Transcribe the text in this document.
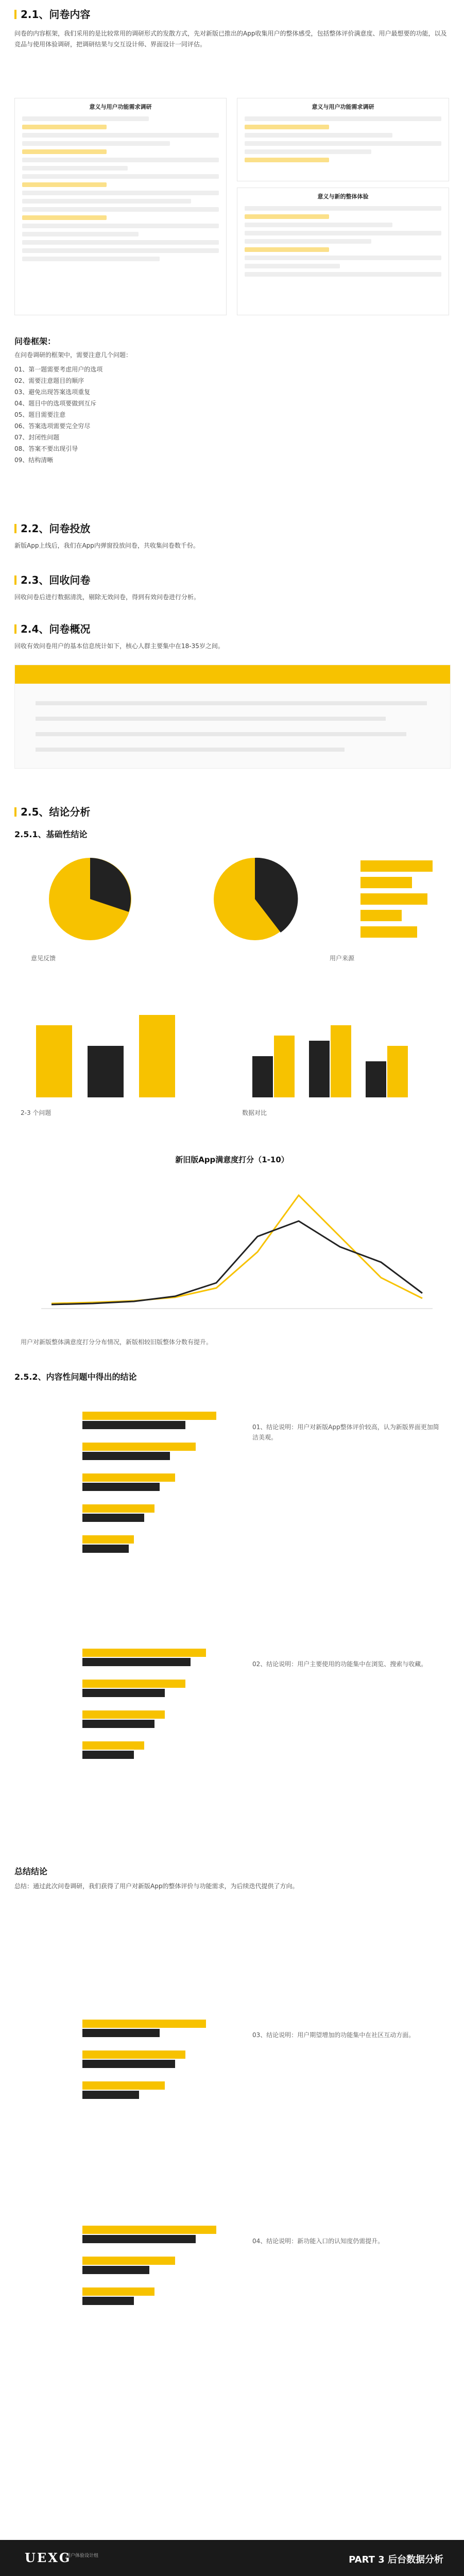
2.1、问卷内容

问卷的内容框架，我们采用的是比较常用的调研形式的发散方式，先对新版已推出的App收集用户的整体感受，包括整体评价满意度、用户最想要的功能，以及竞品与使用体验调研，把调研结果与交互设计师、界面设计一同评估。

意义与用户功能需求调研	意义与用户功能需求调研
意义与新的整体体验
问卷框架：

在问卷调研的框架中，需要注意几个问题：

01、第一题需要考虑用户的选项
02、需要注意题目的顺序
03、避免出现答案选项重复
04、题目中的选项要做到互斥
05、题目需要注意
06、答案选项需要完全穷尽
07、封闭性问题
08、答案不要出现引导
09、结构清晰
2.2、问卷投放

新版App上线后，我们在App内弹窗投放问卷，共收集问卷数千份。

2.3、回收问卷

回收问卷后进行数据清洗，剔除无效问卷，得到有效问卷进行分析。

2.4、问卷概况

回收有效问卷用户的基本信息统计如下，核心人群主要集中在18-35岁之间。

2.5、结论分析
2.5.1、基础性结论
意见反馈	用户来源
2-3 个问题	数据对比
新旧版App满意度打分（1-10）
用户对新版整体满意度打分分布情况，新版相较旧版整体分数有提升。
2.5.2、内容性问题中得出的结论
01、结论说明：用户对新版App整体评价较高，认为新版界面更加简洁美观。
02、结论说明：用户主要使用的功能集中在浏览、搜索与收藏。
总结结论

总结：通过此次问卷调研，我们获得了用户对新版App的整体评价与功能需求，为后续迭代提供了方向。

03、结论说明：用户期望增加的功能集中在社区互动方面。
04、结论说明：新功能入口的认知度仍需提升。
UEXG
用户体验设计组	PART 3 后台数据分析
